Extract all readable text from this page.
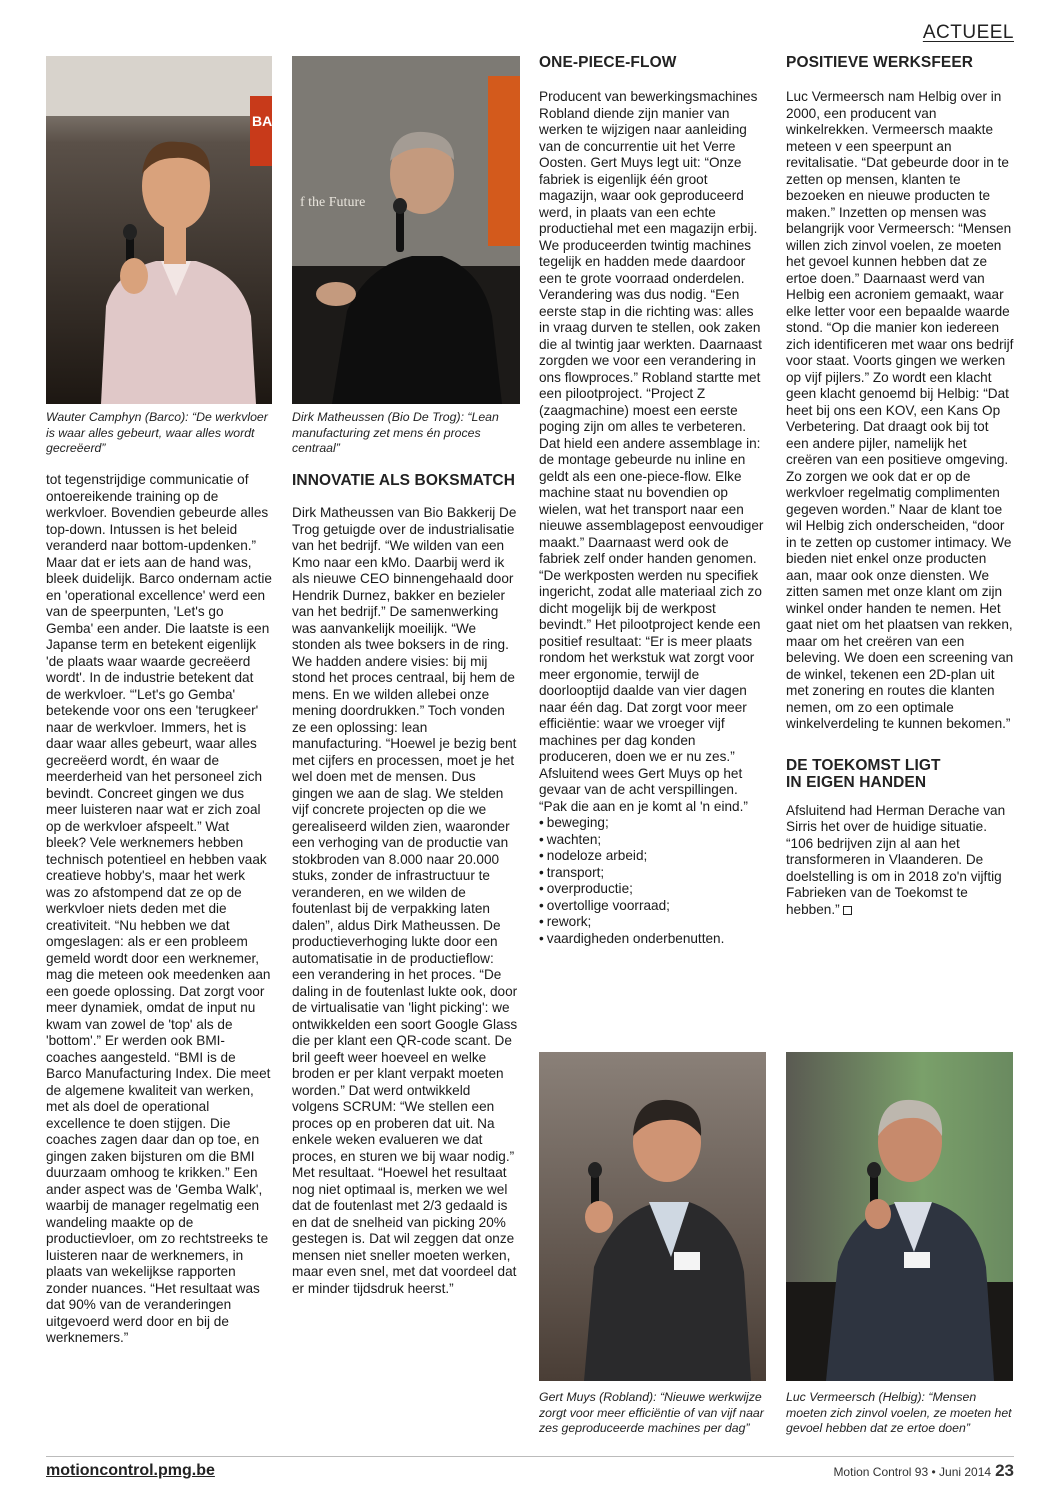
ACTUEEL
BA
Wauter Camphyn (Barco): “De werkvloer is waar alles gebeurt, waar alles wordt gecreëerd”
f the Future
Dirk Matheussen (Bio De Trog): “Lean manufacturing zet mens én proces centraal”

tot tegenstrijdige communicatie of ontoereikende training op de werkvloer. Bovendien gebeurde alles top-down. Intussen is het beleid veranderd naar bottom-updenken.” Maar dat er iets aan de hand was, bleek duidelijk. Barco ondernam actie en 'operational excellence' werd een van de speerpunten, 'Let's go Gemba' een ander. Die laatste is een Japanse term en betekent eigenlijk 'de plaats waar waarde gecreëerd wordt'. In de industrie betekent dat de werkvloer. “'Let's go Gemba' betekende voor ons een 'terugkeer' naar de werkvloer. Immers, het is daar waar alles gebeurt, waar alles gecreëerd wordt, én waar de meerderheid van het personeel zich bevindt. Concreet gingen we dus meer luisteren naar wat er zich zoal op de werkvloer afspeelt.” Wat bleek? Vele werknemers hebben technisch potentieel en hebben vaak creatieve hobby's, maar het werk was zo afstompend dat ze op de werkvloer niets deden met die creativiteit. “Nu hebben we dat omgeslagen: als er een probleem gemeld wordt door een werknemer, mag die meteen ook meedenken aan een goede oplossing. Dat zorgt voor meer dynamiek, omdat de input nu kwam van zowel de 'top' als de 'bottom'.” Er werden ook BMI-coaches aangesteld. “BMI is de Barco Manufacturing Index. Die meet de algemene kwaliteit van werken, met als doel de operational excellence te doen stijgen. Die coaches zagen daar dan op toe, en gingen zaken bijsturen om die BMI duurzaam omhoog te krikken.” Een ander aspect was de 'Gemba Walk', waarbij de manager regelmatig een wandeling maakte op de productievloer, om zo rechtstreeks te luisteren naar de werknemers, in plaats van wekelijkse rapporten zonder nuances. “Het resultaat was dat 90% van de veranderingen uitgevoerd werd door en bij de werknemers.”

INNOVATIE ALS BOKSMATCH

Dirk Matheussen van Bio Bakkerij De Trog getuigde over de industrialisatie van het bedrijf. “We wilden van een Kmo naar een kMo. Daarbij werd ik als nieuwe CEO binnengehaald door Hendrik Durnez, bakker en bezieler van het bedrijf.” De samenwerking was aanvankelijk moeilijk. “We stonden als twee boksers in de ring. We hadden andere visies: bij mij stond het proces centraal, bij hem de mens. En we wilden allebei onze mening doordrukken.” Toch vonden ze een oplossing: lean manufacturing. “Hoewel je bezig bent met cijfers en processen, moet je het wel doen met de mensen. Dus gingen we aan de slag. We stelden vijf concrete projecten op die we gerealiseerd wilden zien, waaronder een verhoging van de productie van stokbroden van 8.000 naar 20.000 stuks, zonder de infrastructuur te veranderen, en we wilden de foutenlast bij de verpakking laten dalen”, aldus Dirk Matheussen. De productieverhoging lukte door een automatisatie in de productieflow: een verandering in het proces. “De daling in de foutenlast lukte ook, door de virtualisatie van 'light picking': we ontwikkelden een soort Google Glass die per klant een QR-code scant. De bril geeft weer hoeveel en welke broden er per klant verpakt moeten worden.” Dat werd ontwikkeld volgens SCRUM: “We stellen een proces op en proberen dat uit. Na enkele weken evalueren we dat proces, en sturen we bij waar nodig.” Met resultaat. “Hoewel het resultaat nog niet optimaal is, merken we wel dat de foutenlast met 2/3 gedaald is en dat de snelheid van picking 20% gestegen is. Dat wil zeggen dat onze mensen niet sneller moeten werken, maar even snel, met dat voordeel dat er minder tijdsdruk heerst.”

ONE-PIECE-FLOW

Producent van bewerkingsmachines Robland diende zijn manier van werken te wijzigen naar aanleiding van de concurrentie uit het Verre Oosten. Gert Muys legt uit: “Onze fabriek is eigenlijk één groot magazijn, waar ook geproduceerd werd, in plaats van een echte productiehal met een magazijn erbij. We produceerden twintig machines tegelijk en hadden mede daardoor een te grote voorraad onderdelen. Verandering was dus nodig. “Een eerste stap in die richting was: alles in vraag durven te stellen, ook zaken die al twintig jaar werkten. Daarnaast zorgden we voor een verandering in ons flowproces.” Robland startte met een pilootproject. “Project Z (zaagmachine) moest een eerste poging zijn om alles te verbeteren. Dat hield een andere assemblage in: de montage gebeurde nu inline en geldt als een one-piece-flow. Elke machine staat nu bovendien op wielen, wat het transport naar een nieuwe assemblagepost eenvoudiger maakt.” Daarnaast werd ook de fabriek zelf onder handen genomen. “De werkposten werden nu specifiek ingericht, zodat alle materiaal zich zo dicht mogelijk bij de werkpost bevindt.” Het pilootproject kende een positief resultaat: “Er is meer plaats rondom het werkstuk wat zorgt voor meer ergonomie, terwijl de doorlooptijd daalde van vier dagen naar één dag. Dat zorgt voor meer efficiëntie: waar we vroeger vijf machines per dag konden produceren, doen we er nu zes.” Afsluitend wees Gert Muys op het gevaar van de acht verspillingen. “Pak die aan en je komt al 'n eind.”

• beweging;
• wachten;
• nodeloze arbeid;
• transport;
• overproductie;
• overtollige voorraad;
• rework;
• vaardigheden onderbenutten.
POSITIEVE WERKSFEER

Luc Vermeersch nam Helbig over in 2000, een producent van winkelrekken. Vermeersch maakte meteen v een speerpunt an revitalisatie. “Dat gebeurde door in te zetten op mensen, klanten te bezoeken en nieuwe producten te maken.” Inzetten op mensen was belangrijk voor Vermeersch: “Mensen willen zich zinvol voelen, ze moeten het gevoel kunnen hebben dat ze ertoe doen.” Daarnaast werd van Helbig een acroniem gemaakt, waar elke letter voor een bepaalde waarde stond. “Op die manier kon iedereen zich identificeren met waar ons bedrijf voor staat. Voorts gingen we werken op vijf pijlers.” Zo wordt een klacht geen klacht genoemd bij Helbig: “Dat heet bij ons een KOV, een Kans Op Verbetering. Dat draagt ook bij tot een andere pijler, namelijk het creëren van een positieve omgeving. Zo zorgen we ook dat er op de werkvloer regelmatig complimenten gegeven worden.” Naar de klant toe wil Helbig zich onderscheiden, “door in te zetten op customer intimacy. We bieden niet enkel onze producten aan, maar ook onze diensten. We zitten samen met onze klant om zijn winkel onder handen te nemen. Het gaat niet om het plaatsen van rekken, maar om het creëren van een beleving. We doen een screening van de winkel, tekenen een 2D-plan uit met zonering en routes die klanten nemen, om zo een optimale winkelverdeling te kunnen bekomen.”

DE TOEKOMST LIGT IN EIGEN HANDEN

Afsluitend had Herman Derache van Sirris het over de huidige situatie. “106 bedrijven zijn al aan het transformeren in Vlaanderen. De doelstelling is om in 2018 zo'n vijftig Fabrieken van de Toekomst te hebben.”

Gert Muys (Robland): “Nieuwe werkwijze zorgt voor meer efficiëntie of van vijf naar zes geproduceerde machines per dag”
Luc Vermeersch (Helbig): “Mensen moeten zich zinvol voelen, ze moeten het gevoel hebben dat ze ertoe doen”
motioncontrol.pmg.be	Motion Control 93 • Juni 2014 23
